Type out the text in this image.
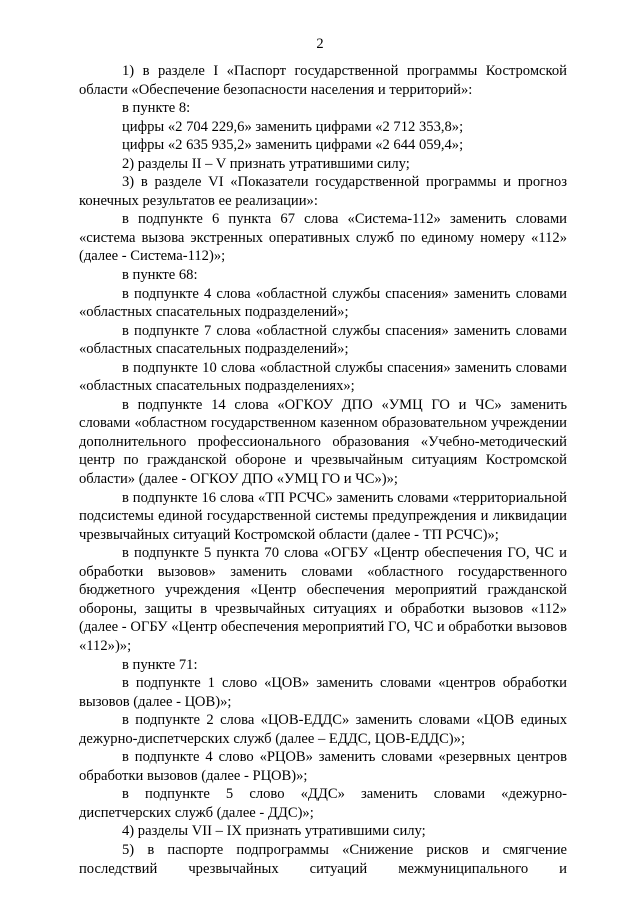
2

1) в разделе I «Паспорт государственной программы Костромской области «Обеспечение безопасности населения и территорий»:

в пункте 8:

цифры «2 704 229,6» заменить цифрами «2 712 353,8»;

цифры «2 635 935,2» заменить цифрами «2 644 059,4»;

2) разделы II – V признать утратившими силу;

3) в разделе VI «Показатели государственной программы и прогноз конечных результатов ее реализации»:

в подпункте 6 пункта 67 слова «Система-112» заменить словами «система вызова экстренных оперативных служб по единому номеру «112» (далее - Система-112)»;

в пункте 68:

в подпункте 4 слова «областной службы спасения» заменить словами «областных спасательных подразделений»;

в подпункте 7 слова «областной службы спасения» заменить словами «областных спасательных подразделений»;

в подпункте 10 слова «областной службы спасения» заменить словами «областных спасательных подразделениях»;

в подпункте 14 слова «ОГКОУ ДПО «УМЦ ГО и ЧС» заменить словами «областном государственном казенном образовательном учреждении дополнительного профессионального образования «Учебно-методический центр по гражданской обороне и чрезвычайным ситуациям Костромской области» (далее - ОГКОУ ДПО «УМЦ ГО и ЧС»)»;

в подпункте 16 слова «ТП РСЧС» заменить словами «территориальной подсистемы единой государственной системы предупреждения и ликвидации чрезвычайных ситуаций Костромской области (далее - ТП РСЧС)»;

в подпункте 5 пункта 70 слова «ОГБУ «Центр обеспечения ГО, ЧС и обработки вызовов» заменить словами «областного государственного бюджетного учреждения «Центр обеспечения мероприятий гражданской обороны, защиты в чрезвычайных ситуациях и обработки вызовов «112» (далее - ОГБУ «Центр обеспечения мероприятий ГО, ЧС и обработки вызовов «112»)»;

в пункте 71:

в подпункте 1 слово «ЦОВ» заменить словами «центров обработки вызовов (далее - ЦОВ)»;

в подпункте 2 слова «ЦОВ-ЕДДС» заменить словами «ЦОВ единых дежурно-диспетчерских служб (далее – ЕДДС, ЦОВ-ЕДДС)»;

в подпункте 4 слово «РЦОВ» заменить словами «резервных центров обработки вызовов (далее - РЦОВ)»;

в подпункте 5 слово «ДДС» заменить словами «дежурно-диспетчерских служб (далее - ДДС)»;

4) разделы VII – IX признать утратившими силу;

5) в паспорте подпрограммы «Снижение рисков и смягчение последствий чрезвычайных ситуаций межмуниципального и
